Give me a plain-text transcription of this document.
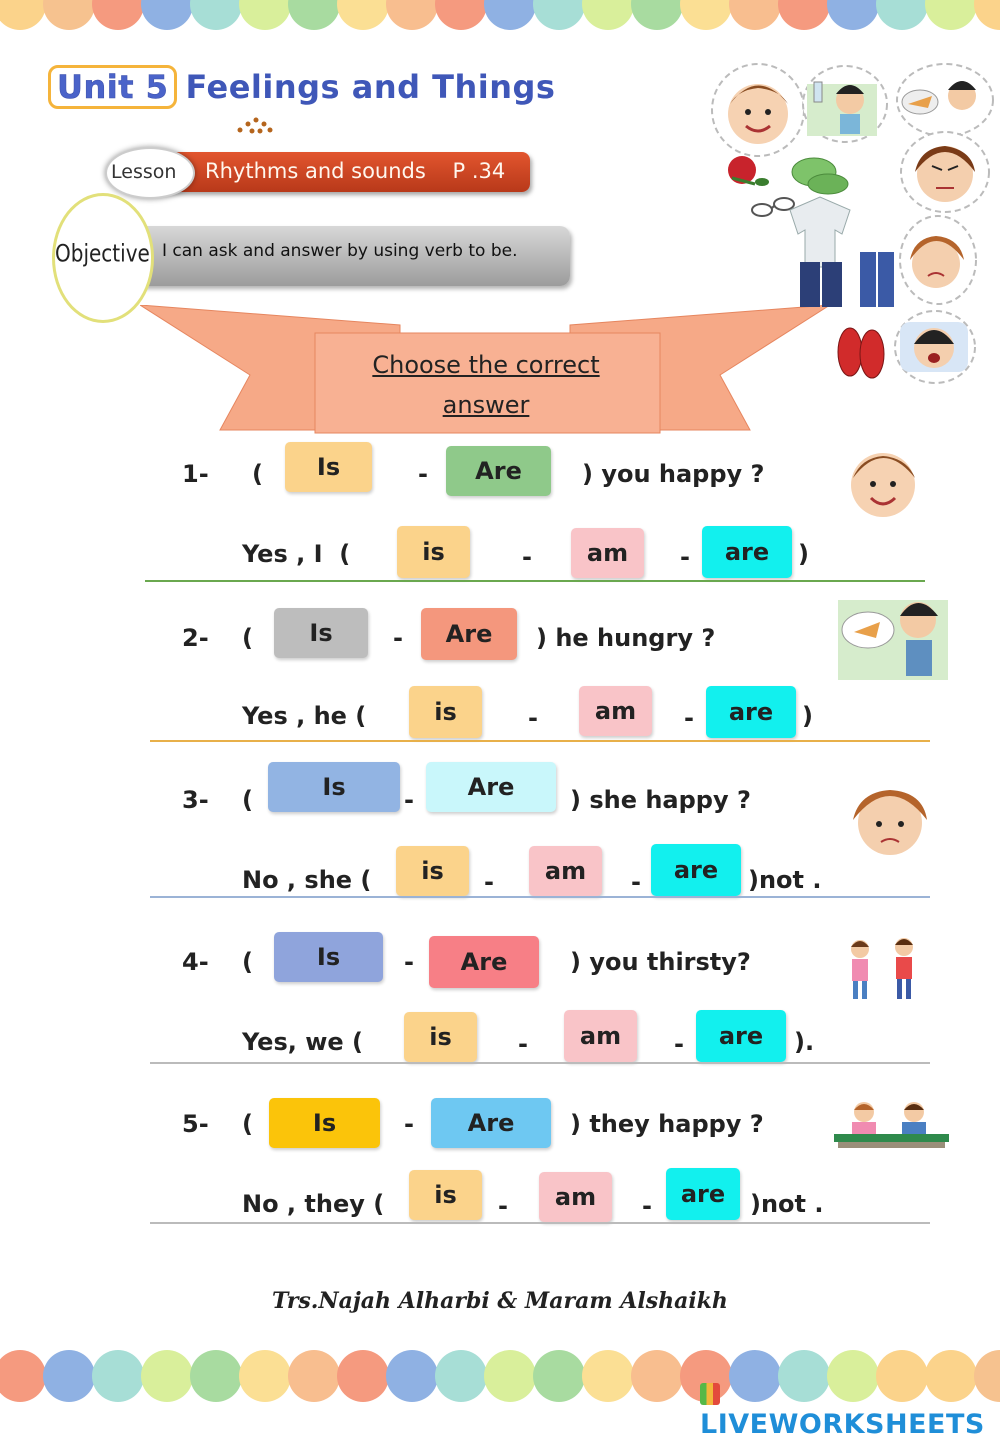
Unit 5 Feelings and Things
Rhythms and sounds    P .34
Lesson
I can ask and answer by using verb to be.
Objective
Choose the correct
answer
1- (	Is	-	Are	) you happy ?
Yes , I  (	is	-	am	-	are	)
2- (	Is	-	Are	) he hungry ?
Yes , he (	is	-	am	-	are	)
3- (	Is	-	Are	) she happy ?
No , she (	is	-	am	-	are	)not .
4- (	Is	-	Are	) you thirsty?
Yes, we (	is	-	am	-	are	).
5- (	Is	-	Are	) they happy ?
No , they (	is	-	am	-	are	)not .
Trs.Najah Alharbi & Maram Alshaikh
LIVEWORKSHEETS
